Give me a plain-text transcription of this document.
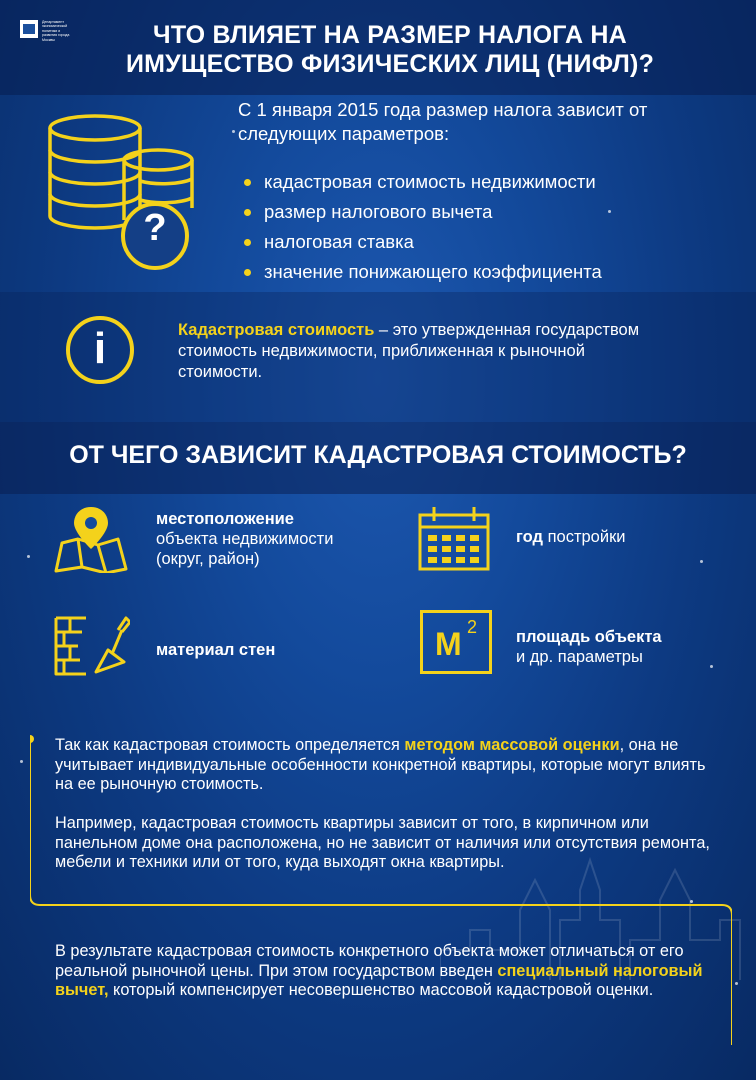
Департамент экономической политики и развития города Москвы	ЧТО ВЛИЯЕТ НА РАЗМЕР НАЛОГА НА
ИМУЩЕСТВО ФИЗИЧЕСКИХ ЛИЦ (НИФЛ)?
?
С 1 января 2015 года размер налога зависит от следующих параметров:
кадастровая стоимость недвижимости
размер налогового вычета
налоговая ставка
значение понижающего коэффициента
i	Кадастровая стоимость – это утвержденная государством стоимость недвижимости, приближенная к рыночной стоимости.
ОТ ЧЕГО ЗАВИСИТ КАДАСТРОВАЯ СТОИМОСТЬ?
местоположение
объекта недвижимости
(округ, район)
год постройки
материал стен	М 2 площадь объекта
и др. параметры
Так как кадастровая стоимость определяется методом массовой оценки, она не учитывает индивидуальные особенности конкретной квартиры, которые могут влиять на ее рыночную стоимость.
Например, кадастровая стоимость квартиры зависит от того, в кирпичном или панельном доме она расположена, но не зависит от наличия или отсутствия ремонта, мебели и техники или от того, куда выходят окна квартиры.
В результате кадастровая стоимость конкретного объекта может отличаться от его реальной рыночной цены. При этом государством введен специальный налоговый вычет, который компенсирует несовершенство массовой кадастровой оценки.
